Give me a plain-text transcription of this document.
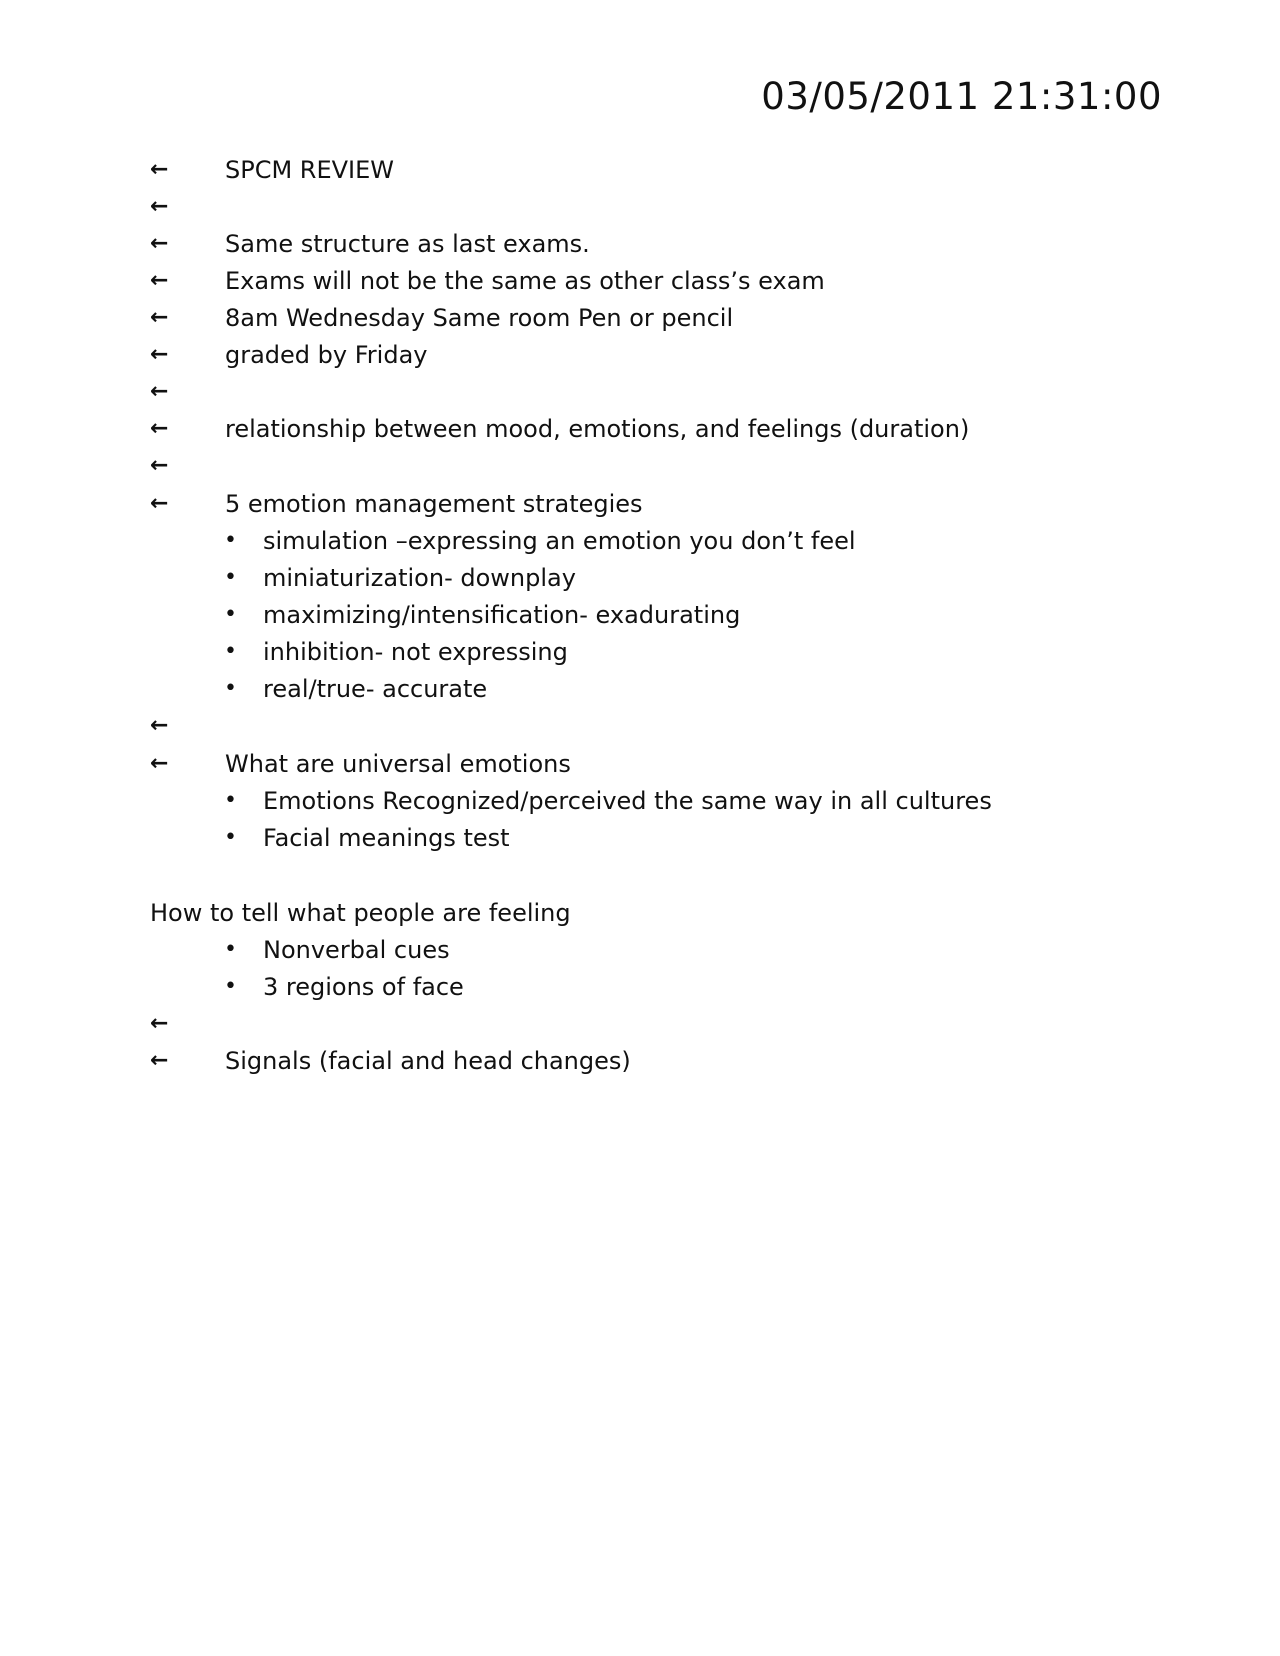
03/05/2011 21:31:00
← SPCM REVIEW
←
← Same structure as last exams.
← Exams will not be the same as other class’s exam
← 8am Wednesday Same room Pen or pencil
← graded by Friday
←
← relationship between mood, emotions, and feelings (duration)
←
← 5 emotion management strategies
• simulation –expressing an emotion you don’t feel
• miniaturization- downplay
• maximizing/intensification- exadurating
• inhibition- not expressing
• real/true- accurate
←
← What are universal emotions
• Emotions Recognized/perceived the same way in all cultures
• Facial meanings test
How to tell what people are feeling
• Nonverbal cues
• 3 regions of face
←
← Signals (facial and head changes)
